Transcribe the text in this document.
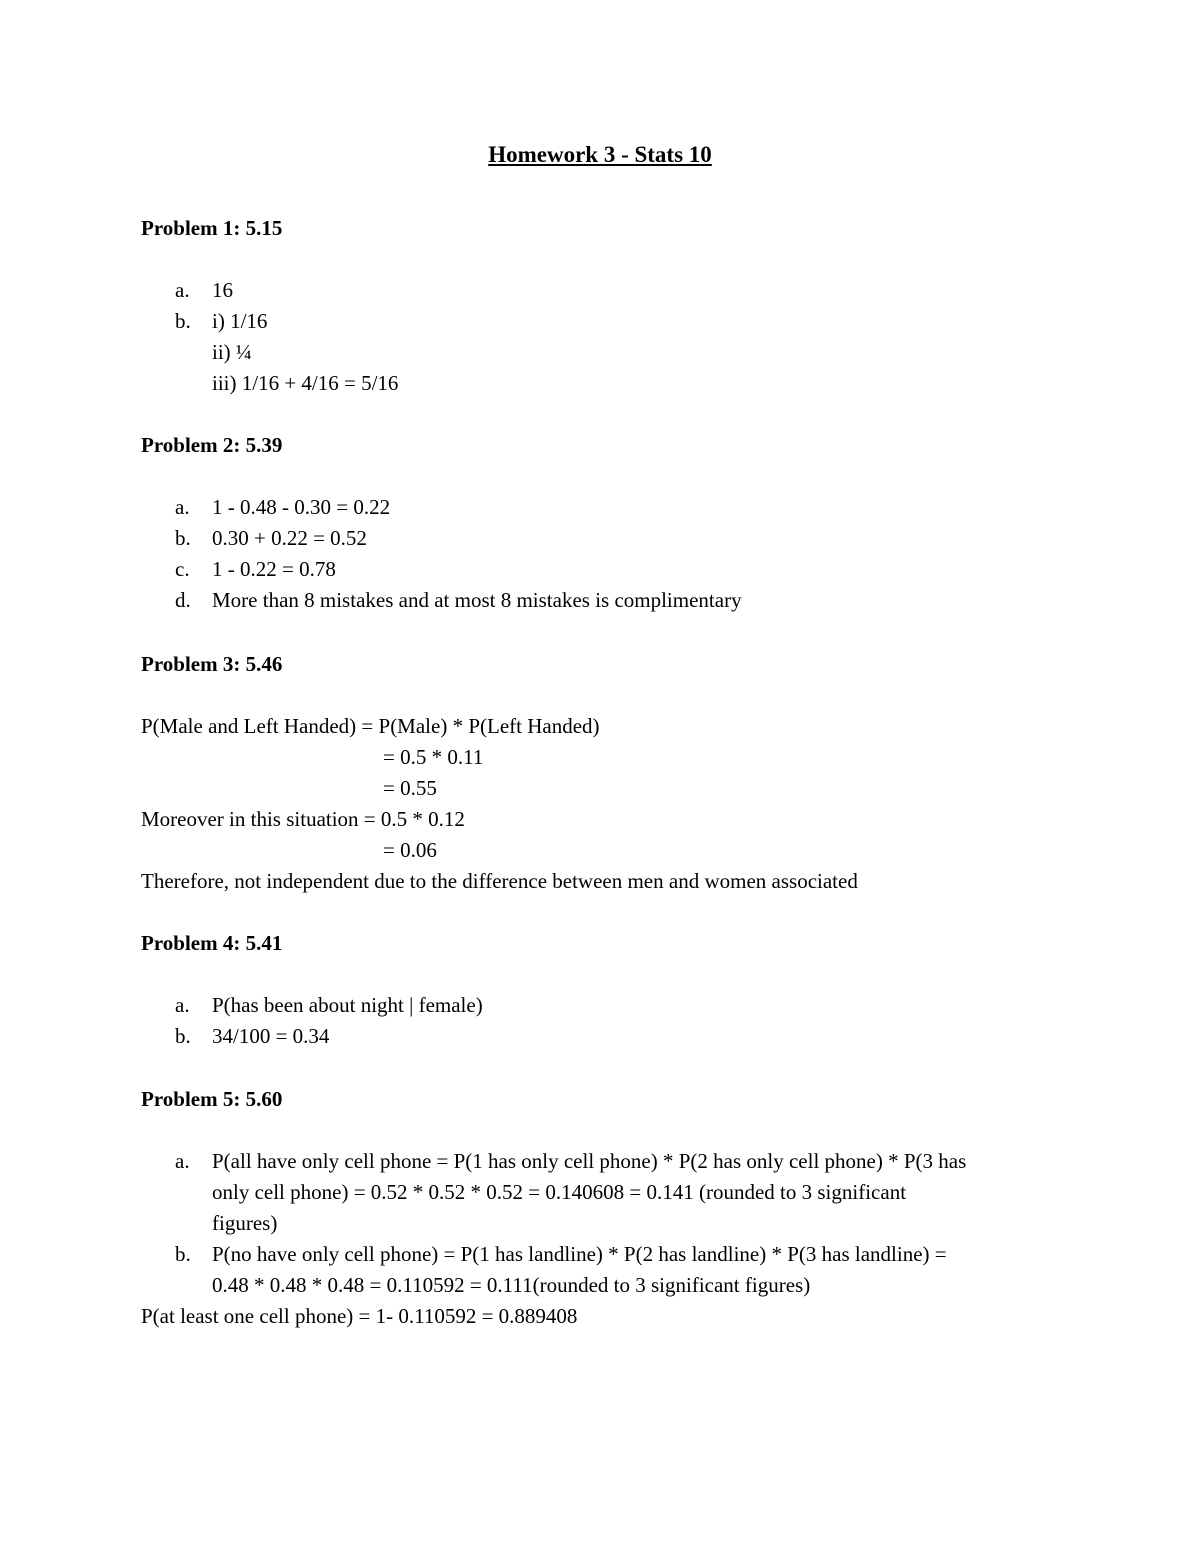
Homework 3 - Stats 10
Problem 1: 5.15
a. 16
b. i) 1/16
ii) ¼
iii) 1/16 + 4/16 = 5/16
Problem 2: 5.39
a. 1 - 0.48 - 0.30 = 0.22
b. 0.30 + 0.22 = 0.52
c. 1 - 0.22 = 0.78
d. More than 8 mistakes and at most 8 mistakes is complimentary
Problem 3: 5.46
P(Male and Left Handed) = P(Male) * P(Left Handed)
= 0.5 * 0.11
= 0.55
Moreover in this situation = 0.5 * 0.12
= 0.06
Therefore, not independent due to the difference between men and women associated
Problem 4: 5.41
a. P(has been about night | female)
b. 34/100 = 0.34
Problem 5: 5.60
a. P(all have only cell phone = P(1 has only cell phone) * P(2 has only cell phone) * P(3 has
only cell phone) = 0.52 * 0.52 * 0.52 = 0.140608 = 0.141 (rounded to 3 significant
figures)
b. P(no have only cell phone) = P(1 has landline) * P(2 has landline) * P(3 has landline) =
0.48 * 0.48 * 0.48 = 0.110592 = 0.111(rounded to 3 significant figures)
P(at least one cell phone) = 1- 0.110592 = 0.889408
